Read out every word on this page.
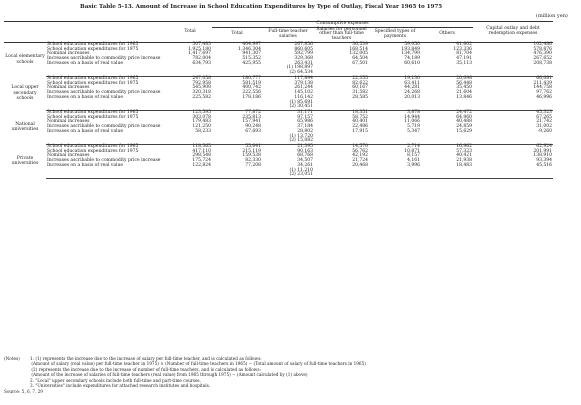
Basic Table 5-13. Amount of Increase in School Education Expenditures by Type of Outlay, Fiscal Year 1965 to 1975
(million yen)
		Total	Consumptive expenses					Capital outlay and debt redemption expenses
			Total	Full-time teacher salaries	Salaries for personnel other than full-time teachers	Specified types of payments	Others	
Local elementary schools	School education expenditures for 1965	507,483	404,997	267,856	36,539	59,050	41,602	102,486
	School education expenditures for 1975	1,925,180	1,346,304	860,605	168,514	193,849	123,336	578,876
	Nominal increases	1,417,697	941,307	592,799	132,005	134,799	81,704	476,390
	Increases ascribable to commodity price increase	782,004	515,352	329,368	64,504	74,189	47,191	267,652
	Increases on a basis of real value	634,793	425,955	263,431	67,501	60,610	35,113	208,738
				(1) 198,897				
				(2) 64,534				
Local upper secondary schools	School education expenditures for 1965	247,058	180,777	117,894	22,355	19,130	20,098	66,081
	School education expenditures for 1975	792,958	581,519	379,138	82,622	63,411	56,448	211,439
	Nominal increases	545,900	400,742	261,244	60,167	44,281	35,450	144,758
	Increases ascribable to commodity price increase	320,318	222,556	145,102	31,582	24,268	21,604	97,762
	Increases on a basis of real value	225,582	178,186	116,142	28,585	20,013	13,846	46,996
				(1) 85,691				
				(2) 30,451				
National universities	School education expenditures for 1965	123,595	77,872	31,171	18,351	3,878	24,472	45,323
	School education expenditures for 1975	303,078	235,813	97,157	58,752	14,944	64,960	67,265
	Nominal increases	179,483	157,941	65,986	40,401	11,066	40,488	21,742
	Increases ascribable to commodity price increase	121,250	90,248	37,184	22,486	5,719	24,859	31,002
	Increases on a basis of real value	58,233	67,693	28,802	17,915	5,347	15,629	-9,260
				(1) 13,720				
				(2) 15,082				
Private universities	School education expenditures for 1965	118,565	55,641	21,395	14,570	2,714	16,962	62,924
	School education expenditures for 1975	417,110	215,119	90,163	56,762	10,871	57,323	201,991
	Nominal increases	298,548	159,538	68,768	42,192	8,157	40,421	138,910
	Increases ascribable to commodity price increase	175,724	82,330	34,507	21,724	4,161	21,938	93,394
	Increases on a basis of real value	122,824	77,208	34,261	20,468	3,996	18,483	45,516
				(1) 11,210				
				(2) 23,051				
(Notes) 1. (1) represents the increase due to the increase of salary per full-time teacher, and is calculated as follows:
(Amount of salary (real value) per full-time teacher in 1975) × (Number of full-time teachers in 1965) − (Total amount of salary of full-time teachers in 1965)
(2) represents the increase due to the increase of number of full-time teachers, and is calculated as follows:
(Amount of the increase of salaries of full-time teachers (real value) from 1965 through 1975) − (Amount calculated by (1) above)
2. "Local" upper secondary schools include both full-time and part-time courses.
3. "Universities" include expenditures for attached research institutes and hospitals.
Source: 5, 6, 7, 29
